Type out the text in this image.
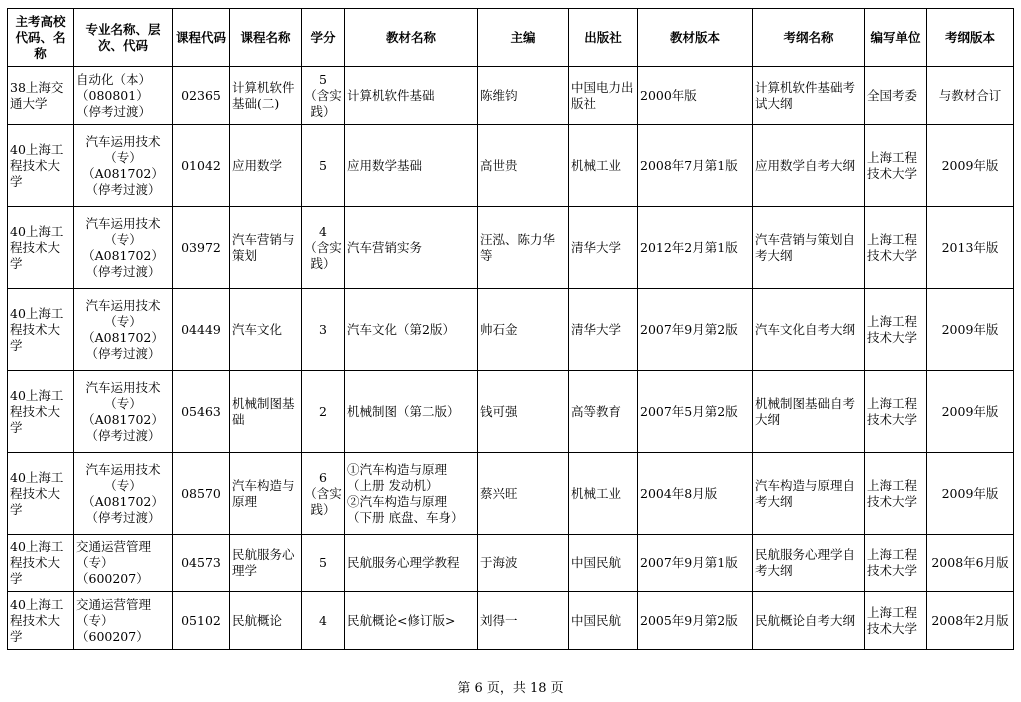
主考高校代码、名称	专业名称、层次、代码	课程代码	课程名称	学分	教材名称	主编	出版社	教材版本	考纲名称	编写单位	考纲版本
38上海交通大学	自动化（本）
（080801）
（停考过渡）	02365	计算机软件基础(二)	5
（含实践）	计算机软件基础	陈维钧	中国电力出版社	2000年版	计算机软件基础考试大纲	全国考委	与教材合订
40上海工程技术大学	汽车运用技术
（专）
（A081702）
（停考过渡）	01042	应用数学	5	应用数学基础	高世贵	机械工业	2008年7月第1版	应用数学自考大纲	上海工程技术大学	2009年版
40上海工程技术大学	汽车运用技术
（专）
（A081702）
（停考过渡）	03972	汽车营销与策划	4
（含实践）	汽车营销实务	汪泓、陈力华等	清华大学	2012年2月第1版	汽车营销与策划自考大纲	上海工程技术大学	2013年版
40上海工程技术大学	汽车运用技术
（专）
（A081702）
（停考过渡）	04449	汽车文化	3	汽车文化（第2版）	帅石金	清华大学	2007年9月第2版	汽车文化自考大纲	上海工程技术大学	2009年版
40上海工程技术大学	汽车运用技术
（专）
（A081702）
（停考过渡）	05463	机械制图基础	2	机械制图（第二版）	钱可强	高等教育	2007年5月第2版	机械制图基础自考大纲	上海工程技术大学	2009年版
40上海工程技术大学	汽车运用技术
（专）
（A081702）
（停考过渡）	08570	汽车构造与原理	6
（含实践）	①汽车构造与原理
（上册 发动机）
②汽车构造与原理
（下册 底盘、车身）	蔡兴旺	机械工业	2004年8月版	汽车构造与原理自考大纲	上海工程技术大学	2009年版
40上海工程技术大学	交通运营管理
（专）
（600207）	04573	民航服务心理学	5	民航服务心理学教程	于海波	中国民航	2007年9月第1版	民航服务心理学自考大纲	上海工程技术大学	2008年6月版
40上海工程技术大学	交通运营管理
（专）
（600207）	05102	民航概论	4	民航概论<修订版>	刘得一	中国民航	2005年9月第2版	民航概论自考大纲	上海工程技术大学	2008年2月版
第 6 页，共 18 页
